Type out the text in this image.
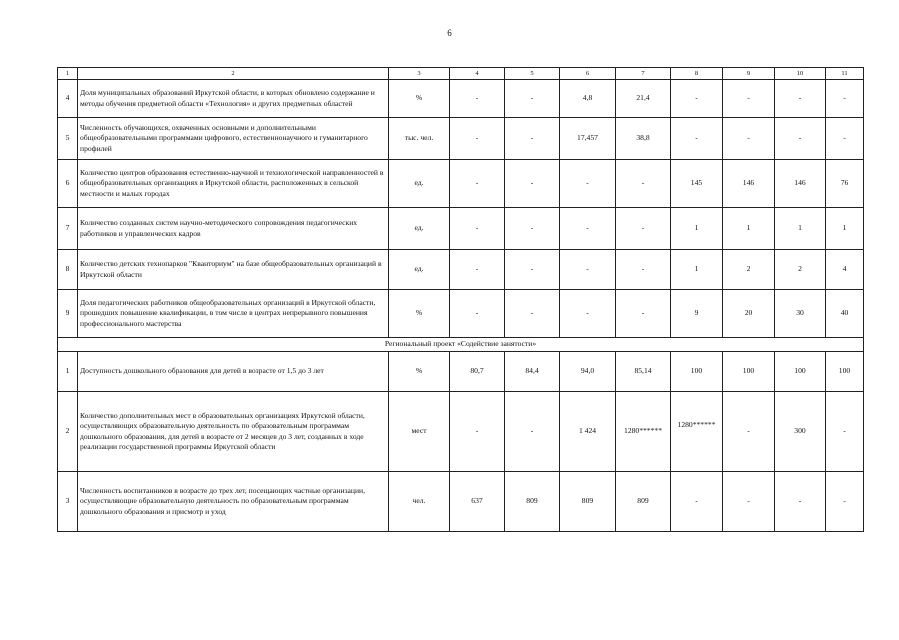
6
1	2	3	4	5	6	7	8	9	10	11
4	Доля муниципальных образований Иркутской области, в которых обновлено содержание и методы обучения предметной области «Технология» и других предметных областей	%	-	-	4,8	21,4	-	-	-	-
5	Численность обучающихся, охваченных основными и дополнительными общеобразовательными программами цифрового, естественнонаучного и гуманитарного профилей	тыс. чел.	-	-	17,457	38,8	-	-	-	-
6	Количество центров образования естественно-научной и технологической направленностей в общеобразовательных организациях в Иркутской области, расположенных в сельской местности и малых городах	ед.	-	-	-	-	145	146	146	76
7	Количество созданных систем научно-методического сопровождения педагогических работников и управленческих кадров	ед.	-	-	-	-	1	1	1	1
8	Количество детских технопарков "Кванториум" на базе общеобразовательных организаций в Иркутской области	ед.	-	-	-	-	1	2	2	4
9	Доля педагогических работников общеобразовательных организаций в Иркутской области, прошедших повышение квалификации, в том числе в центрах непрерывного повышения профессионального мастерства	%	-	-	-	-	9	20	30	40
Региональный проект «Содействие занятости»										
1	Доступность дошкольного образования для детей в возрасте от 1,5 до 3 лет	%	80,7	84,4	94,0	85,14	100	100	100	100
2	Количество дополнительных мест в образовательных организациях Иркутской области, осуществляющих образовательную деятельность по образовательным программам дошкольного образования, для детей в возрасте от 2 месяцев до 3 лет, созданных в ходе реализации государственной программы Иркутской области	мест	-	-	1 424	1280******	1280******	-	300	-
3	Численность воспитанников в возрасте до трех лет, посещающих частные организации, осуществляющие образовательную деятельность по образовательным программам дошкольного образования и присмотр и уход	чел.	637	809	809	809	-	-	-	-
